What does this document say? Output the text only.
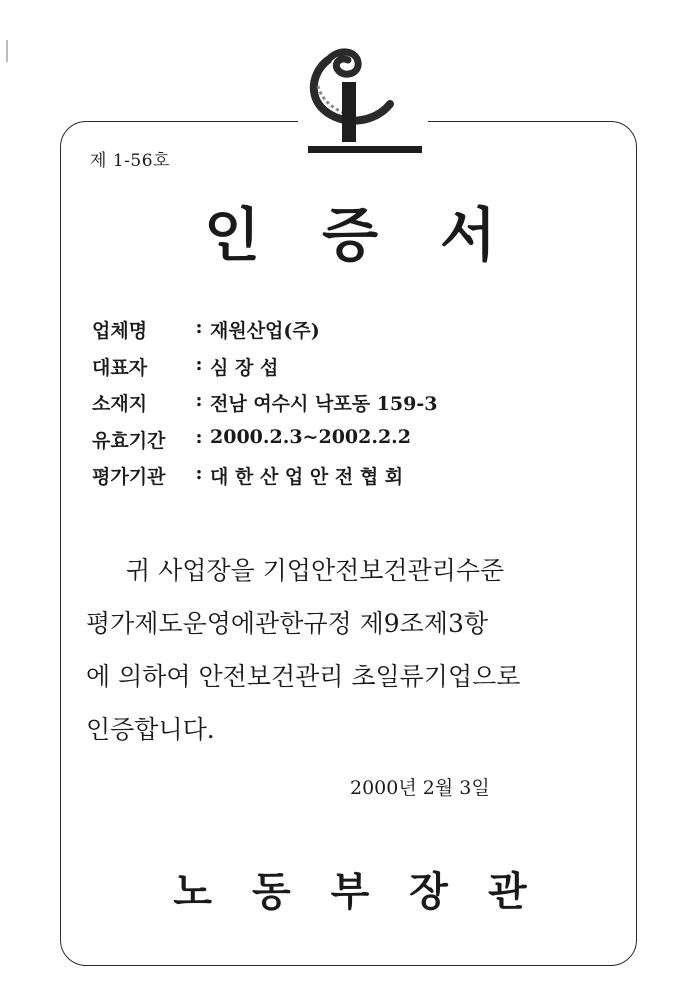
제 1-56호
인증서
업체명	: 재원산업(주)
대표자	: 심 장 섭
소재지	: 전남 여수시 낙포동 159-3
유효기간	: 2000.2.3~2002.2.2
평가기관	: 대 한 산 업 안 전 협 회
귀 사업장을 기업안전보건관리수준
평가제도운영에관한규정 제9조제3항
에 의하여 안전보건관리 초일류기업으로
인증합니다.
2000년 2월 3일
노동부장관
